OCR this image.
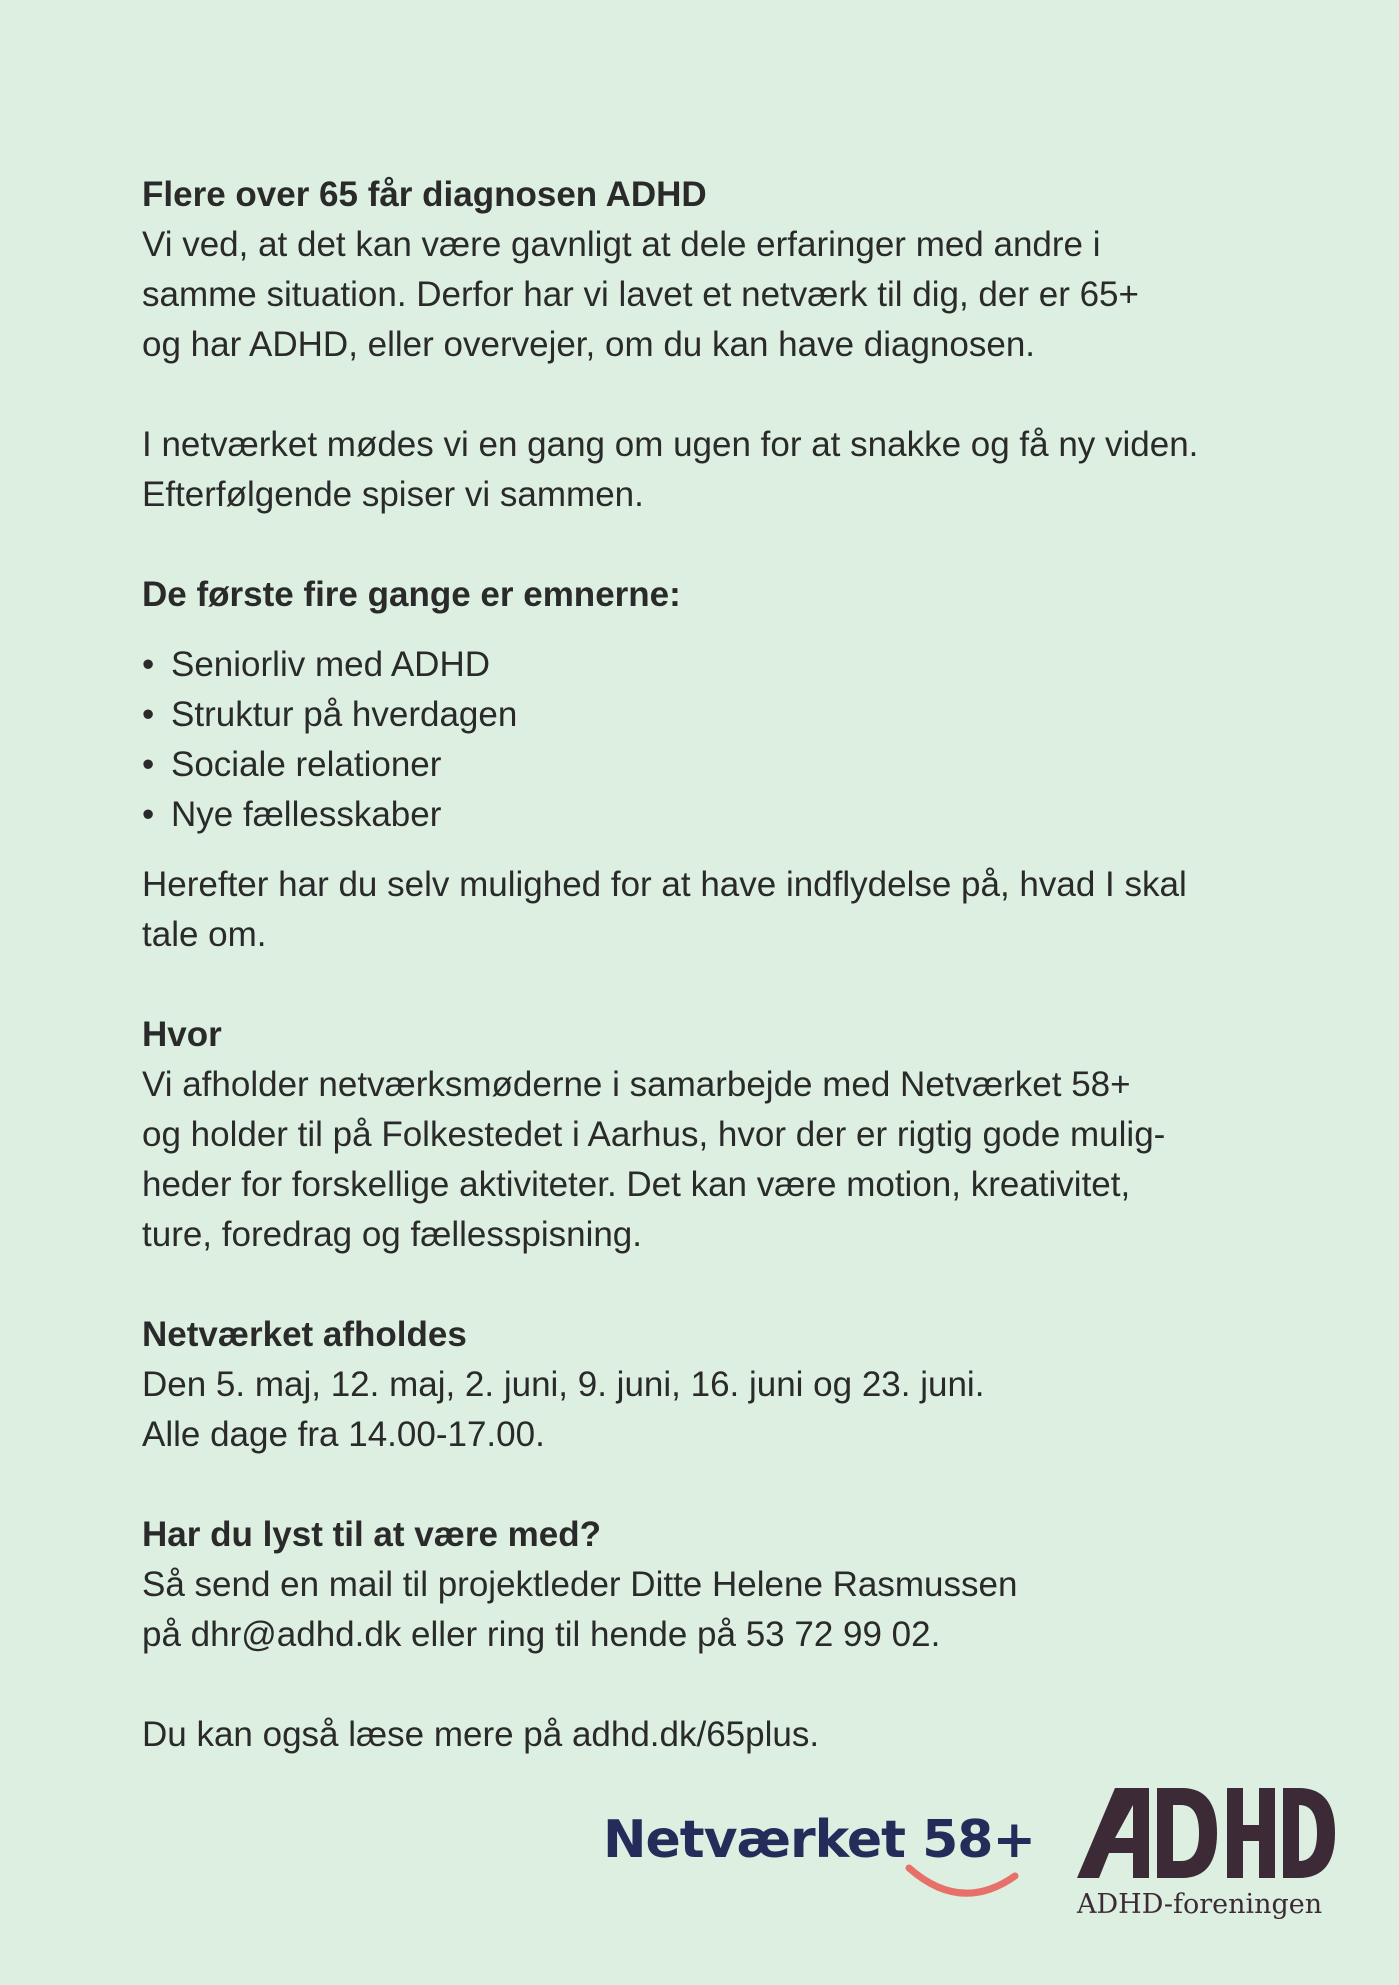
Flere over 65 får diagnosen ADHD

Vi ved, at det kan være gavnligt at dele erfaringer med andre i

samme situation. Derfor har vi lavet et netværk til dig, der er 65+

og har ADHD, eller overvejer, om du kan have diagnosen.

I netværket mødes vi en gang om ugen for at snakke og få ny viden.

Efterfølgende spiser vi sammen.

De første fire gange er emnerne:

• Seniorliv med ADHD
• Struktur på hverdagen
• Sociale relationer
• Nye fællesskaber

Herefter har du selv mulighed for at have indflydelse på, hvad I skal

tale om.

Hvor

Vi afholder netværksmøderne i samarbejde med Netværket 58+

og holder til på Folkestedet i Aarhus, hvor der er rigtig gode mulig-

heder for forskellige aktiviteter. Det kan være motion, kreativitet,

ture, foredrag og fællesspisning.

Netværket afholdes

Den 5. maj, 12. maj, 2. juni, 9. juni, 16. juni og 23. juni.

Alle dage fra 14.00-17.00.

Har du lyst til at være med?

Så send en mail til projektleder Ditte Helene Rasmussen

på dhr@adhd.dk eller ring til hende på 53 72 99 02.

Du kan også læse mere på adhd.dk/65plus.

Netværket 58+
ADHD
ADHD-foreningen
